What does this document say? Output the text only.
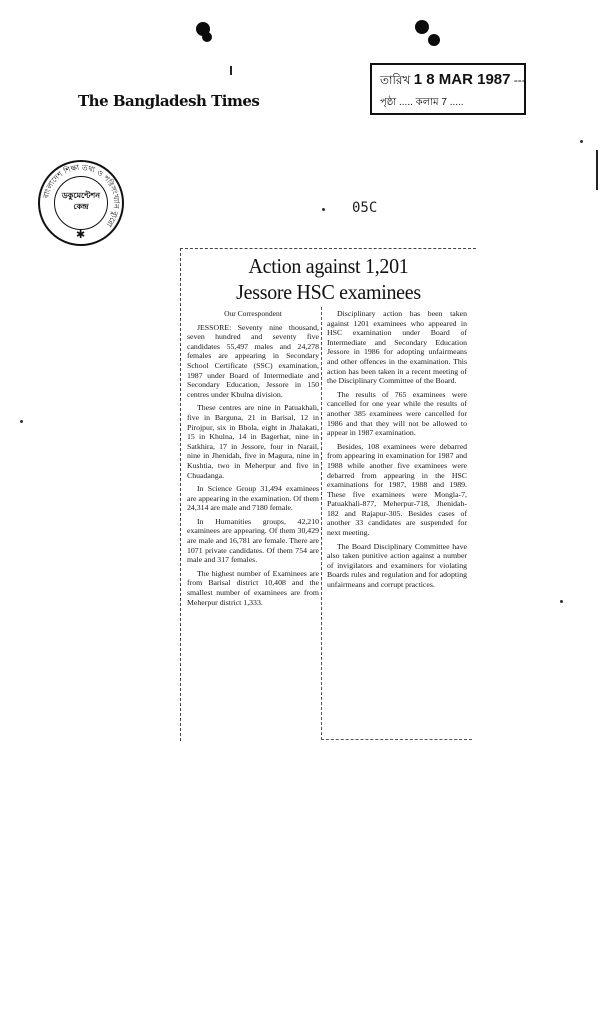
The Bangladesh Times
তারিখ 1 8 MAR 1987 ---
পৃষ্ঠা ..... কলাম 7 .....
বাংলাদেশ শিক্ষা তথ্য ও পরিসংখ্যান ব্যুরো
ডকুমেন্টেশন
কেন্দ্র
✱
05C
Action against 1,201
Jessore HSC examinees
Our Correspondent

JESSORE: Seventy nine thousand, seven hundred and seventy five candidates 55,497 males and 24,278 females are appearing in Secondary School Certificate (SSC) examination, 1987 under Board of Intermediate and Secondary Education, Jessore in 150 centres under Khulna division.

These centres are nine in Patuakhali, five in Barguna, 21 in Barisal, 12 in Pirojpur, six in Bhola, eight in Jhalakati, 15 in Khulna, 14 in Bagerhat, nine in Satkhira, 17 in Jessore, four in Narail, nine in Jhenidah, five in Magura, nine in Kushtia, two in Meherpur and five in Chuadanga.

In Science Group 31,494 examinees are appearing in the examination. Of them 24,314 are male and 7180 female.

In Humanities groups, 42,210 examinees are appearing. Of them 30,429 are male and 16,781 are female. There are 1071 private candidates. Of them 754 are male and 317 females.

The highest number of Examinees are from Barisal district 10,408 and the smallest number of examinees are from Meherpur district 1,333.

Disciplinary action has been taken against 1201 examinees who appeared in HSC examination under Board of Intermediate and Secondary Education Jessore in 1986 for adopting unfairmeans and other offences in the examination. This action has been taken in a recent meeting of the Disciplinary Committee of the Board.

The results of 765 examinees were cancelled for one year while the results of another 385 examinees were cancelled for 1986 and that they will not be allowed to appear in 1987 examination.

Besides, 108 examinees were debarred from appearing in examination for 1987 and 1988 while another five examinees were debarred from appearing in the HSC examinations for 1987, 1988 and 1989. These five examinees were Mongla-7, Patuakhali-877, Meherpur-718, Jhenidah-182 and Rajapur-305. Besides cases of another 33 candidates are suspended for next meeting.

The Board Disciplinary Committee have also taken punitive action against a number of invigilators and examiners for violating Boards rules and regulation and for adopting unfairmeans and corrupt practices.
